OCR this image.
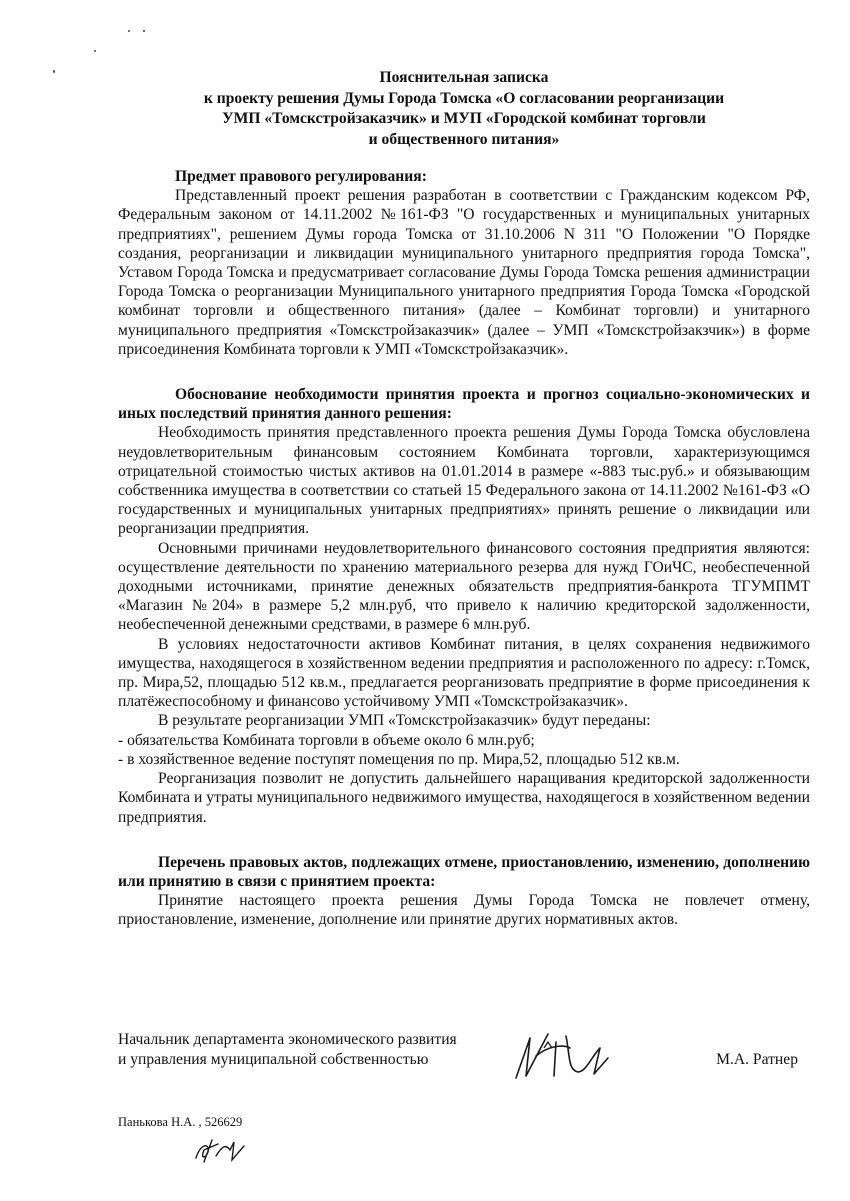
Пояснительная записка
к проекту решения Думы Города Томска «О согласовании реорганизации
УМП «Томскстройзаказчик» и МУП «Городской комбинат торговли
и общественного питания»

Предмет правового регулирования:

Представленный проект решения разработан в соответствии с Гражданским кодексом РФ, Федеральным законом от 14.11.2002 №161-ФЗ "О государственных и муниципальных унитарных предприятиях", решением Думы города Томска от 31.10.2006 N 311 "О Положении "О Порядке создания, реорганизации и ликвидации муниципального унитарного предприятия города Томска", Уставом Города Томска и предусматривает согласование Думы Города Томска решения администрации Города Томска о реорганизации Муниципального унитарного предприятия Города Томска «Городской комбинат торговли и общественного питания» (далее – Комбинат торговли) и унитарного муниципального предприятия «Томскстройзаказчик» (далее – УМП «Томскстройзакзчик») в форме присоединения Комбината торговли к УМП «Томскстройзаказчик».

Обоснование необходимости принятия проекта и прогноз социально-экономических и иных последствий принятия данного решения:

Необходимость принятия представленного проекта решения Думы Города Томска обусловлена неудовлетворительным финансовым состоянием Комбината торговли, характеризующимся отрицательной стоимостью чистых активов на 01.01.2014 в размере «-883 тыс.руб.» и обязывающим собственника имущества в соответствии со статьей 15 Федерального закона от 14.11.2002 №161-ФЗ «О государственных и муниципальных унитарных предприятиях» принять решение о ликвидации или реорганизации предприятия.

Основными причинами неудовлетворительного финансового состояния предприятия являются: осуществление деятельности по хранению материального резерва для нужд ГОиЧС, необеспеченной доходными источниками, принятие денежных обязательств предприятия-банкрота ТГУМПМТ «Магазин №204» в размере 5,2 млн.руб, что привело к наличию кредиторской задолженности, необеспеченной денежными средствами, в размере 6 млн.руб.

В условиях недостаточности активов Комбинат питания, в целях сохранения недвижимого имущества, находящегося в хозяйственном ведении предприятия и расположенного по адресу: г.Томск, пр. Мира,52, площадью 512 кв.м., предлагается реорганизовать предприятие в форме присоединения к платёжеспособному и финансово устойчивому УМП «Томскстройзаказчик».

В результате реорганизации УМП «Томскстройзаказчик» будут переданы:

- обязательства Комбината торговли в объеме около 6 млн.руб;

- в хозяйственное ведение поступят помещения по пр. Мира,52, площадью 512 кв.м.

Реорганизация позволит не допустить дальнейшего наращивания кредиторской задолженности Комбината и утраты муниципального недвижимого имущества, находящегося в хозяйственном ведении предприятия.

Перечень правовых актов, подлежащих отмене, приостановлению, изменению, дополнению или принятию в связи с принятием проекта:

Принятие настоящего проекта решения Думы Города Томска не повлечет отмену, приостановление, изменение, дополнение или принятие других нормативных актов.

Начальник департамента экономического развития
и управления муниципальной собственностью	М.А. Ратнер
Панькова Н.А. , 526629
